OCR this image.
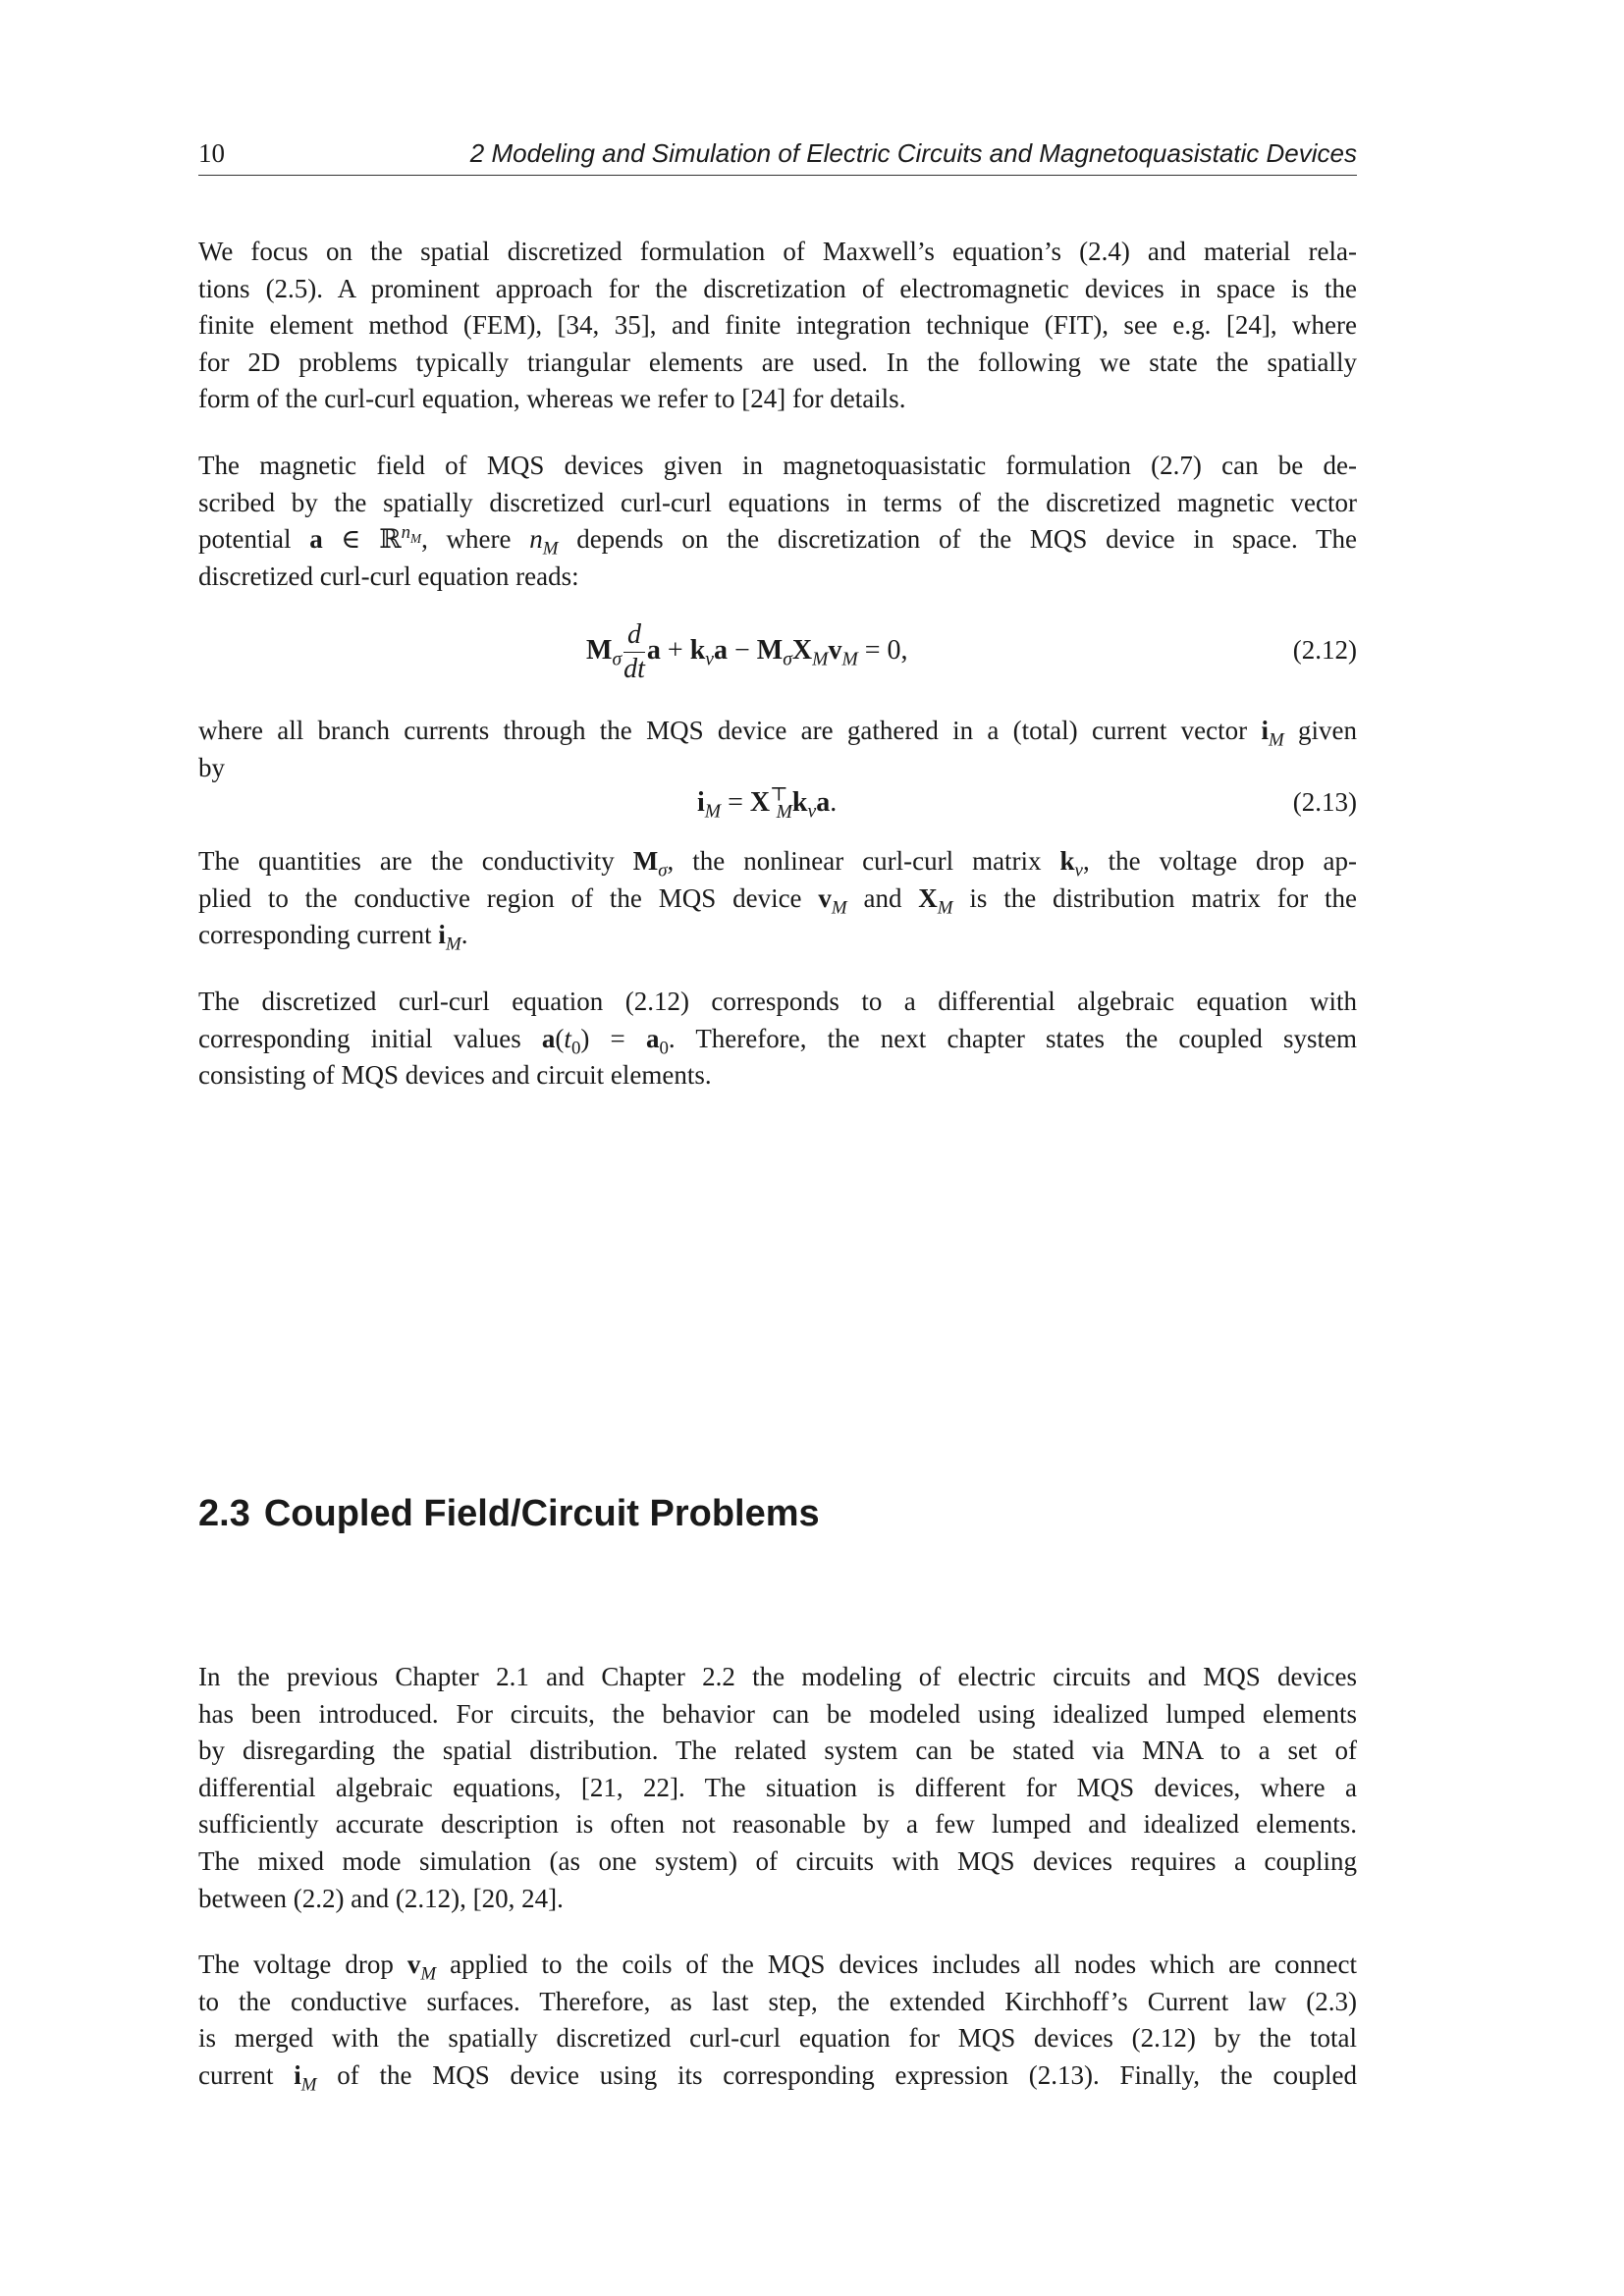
10	2 Modeling and Simulation of Electric Circuits and Magnetoquasistatic Devices
We focus on the spatial discretized formulation of Maxwell’s equation’s (2.4) and material rela-
tions (2.5). A prominent approach for the discretization of electromagnetic devices in space is the
finite element method (FEM), [34, 35], and finite integration technique (FIT), see e.g. [24], where
for 2D problems typically triangular elements are used. In the following we state the spatially
form of the curl-curl equation, whereas we refer to [24] for details.
The magnetic field of MQS devices given in magnetoquasistatic formulation (2.7) can be de-
scribed by the spatially discretized curl-curl equations in terms of the discretized magnetic vector
potential a ∈ ℝ$^{n_M}$, where $n_M$ depends on the discretization of the MQS device in space. The
discretized curl-curl equation reads:
$M_\sigma \frac{d}{dt}$ $a + k_\nu a - M_\sigma X_Mv_M = 0$,	(2.12)
where all branch currents through the MQS device are gathered in a (total) current vector $i_M$ given
by
$i_M = X^⊤_Mk_\nu a$.	(2.13)
The quantities are the conductivity $M_\sigma$, the nonlinear curl-curl matrix $k_\nu$, the voltage drop ap-
plied to the conductive region of the MQS device $v_M$ and $X_M$ is the distribution matrix for the
corresponding current $i_M$.
The discretized curl-curl equation (2.12) corresponds to a differential algebraic equation with
corresponding initial values $a(t_0) = a_0$. Therefore, the next chapter states the coupled system
consisting of MQS devices and circuit elements.
2.3 Coupled Field/Circuit Problems
In the previous Chapter 2.1 and Chapter 2.2 the modeling of electric circuits and MQS devices
has been introduced. For circuits, the behavior can be modeled using idealized lumped elements
by disregarding the spatial distribution. The related system can be stated via MNA to a set of
differential algebraic equations, [21, 22]. The situation is different for MQS devices, where a
sufficiently accurate description is often not reasonable by a few lumped and idealized elements.
The mixed mode simulation (as one system) of circuits with MQS devices requires a coupling
between (2.2) and (2.12), [20, 24].
The voltage drop $v_M$ applied to the coils of the MQS devices includes all nodes which are connect
to the conductive surfaces. Therefore, as last step, the extended Kirchhoff’s Current law (2.3)
is merged with the spatially discretized curl-curl equation for MQS devices (2.12) by the total
current $i_M$ of the MQS device using its corresponding expression (2.13). Finally, the coupled
